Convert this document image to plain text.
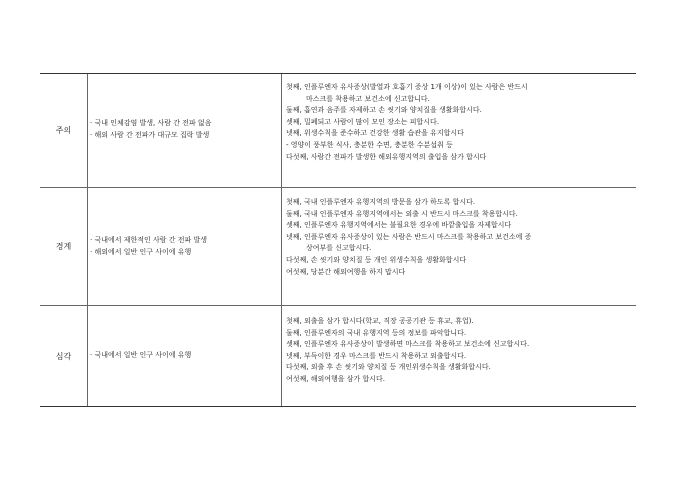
주의
· 국내 인체감염 발생, 사람 간 전파 없음
· 해외 사람 간 전파가 대규모 집락 발생
첫째, 인플루엔자 유사증상(발열과 호흡기 증상 1개 이상)이 있는 사람은 반드시
마스크를 착용하고 보건소에 신고합니다.
둘째, 흡연과 음주를 자제하고 손 씻기와 양치질을 생활화합시다.
셋째, 밀폐되고 사람이 많이 모인 장소는 피합시다.
넷째, 위생수칙을 준수하고 건강한 생활 습관을 유지합시다
- 영양이 풍부한 식사, 충분한 수면, 충분한 수분섭취 등
다섯째, 사람간 전파가 발생한 해외유행지역의 출입을 삼가 합시다
경계
· 국내에서 제한적인 사람 간 전파 발생
· 해외에서 일반 인구 사이에 유행
첫째, 국내 인플루엔자 유행지역의 방문을 삼가 하도록 합시다.
둘째, 국내 인플루엔자 유행지역에서는 외출 시 반드시 마스크를 착용합시다.
셋째, 인플루엔자 유행지역에서는 불필요한 경우에 바깥출입을 자제합시다
넷째, 인플루엔자 유사증상이 있는 사람은 반드시 마스크를 착용하고 보건소에 증
상여부를 신고합시다.
다섯째, 손 씻기와 양치질 등 개인 위생수칙을 생활화합시다
여섯째, 당분간 해외여행을 하지 맙시다
심각	· 국내에서 일반 인구 사이에 유행
첫째, 외출을 삼가 합시다(학교, 직장 공공기관 등 휴교, 휴업).
둘째, 인플루엔자의 국내 유행지역 등의 정보를 파악합니다.
셋째, 인플루엔자 유사증상이 발생하면 마스크를 착용하고 보건소에 신고합시다.
넷째, 부득이한 경우 마스크를 반드시 착용하고 외출합시다.
다섯째, 외출 후 손 씻기와 양치질 등 개인위생수칙을 생활화합시다.
여섯째, 해외여행을 삼가 합시다.
